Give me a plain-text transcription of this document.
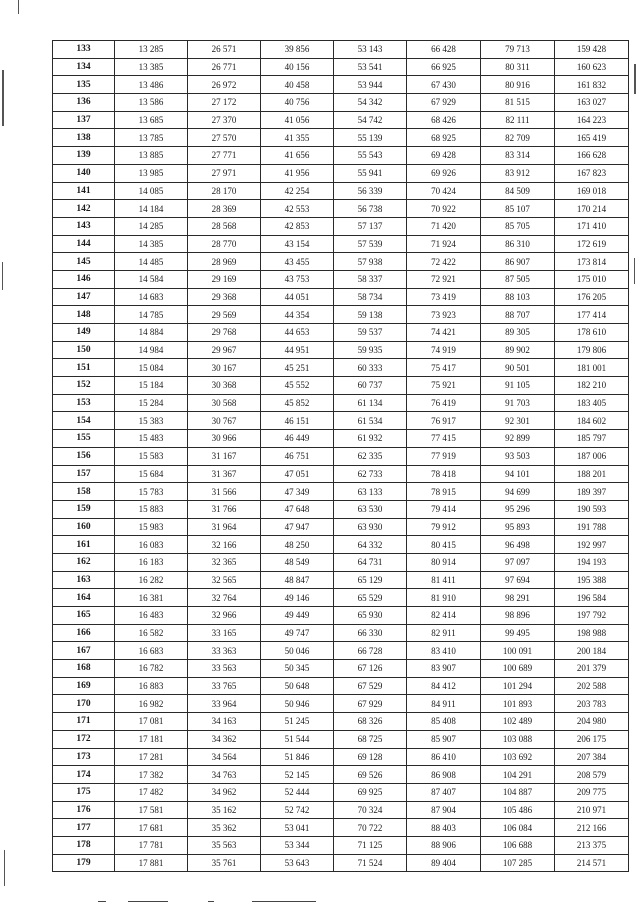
133	13 285	26 571	39 856	53 143	66 428	79 713	159 428
134	13 385	26 771	40 156	53 541	66 925	80 311	160 623
135	13 486	26 972	40 458	53 944	67 430	80 916	161 832
136	13 586	27 172	40 756	54 342	67 929	81 515	163 027
137	13 685	27 370	41 056	54 742	68 426	82 111	164 223
138	13 785	27 570	41 355	55 139	68 925	82 709	165 419
139	13 885	27 771	41 656	55 543	69 428	83 314	166 628
140	13 985	27 971	41 956	55 941	69 926	83 912	167 823
141	14 085	28 170	42 254	56 339	70 424	84 509	169 018
142	14 184	28 369	42 553	56 738	70 922	85 107	170 214
143	14 285	28 568	42 853	57 137	71 420	85 705	171 410
144	14 385	28 770	43 154	57 539	71 924	86 310	172 619
145	14 485	28 969	43 455	57 938	72 422	86 907	173 814
146	14 584	29 169	43 753	58 337	72 921	87 505	175 010
147	14 683	29 368	44 051	58 734	73 419	88 103	176 205
148	14 785	29 569	44 354	59 138	73 923	88 707	177 414
149	14 884	29 768	44 653	59 537	74 421	89 305	178 610
150	14 984	29 967	44 951	59 935	74 919	89 902	179 806
151	15 084	30 167	45 251	60 333	75 417	90 501	181 001
152	15 184	30 368	45 552	60 737	75 921	91 105	182 210
153	15 284	30 568	45 852	61 134	76 419	91 703	183 405
154	15 383	30 767	46 151	61 534	76 917	92 301	184 602
155	15 483	30 966	46 449	61 932	77 415	92 899	185 797
156	15 583	31 167	46 751	62 335	77 919	93 503	187 006
157	15 684	31 367	47 051	62 733	78 418	94 101	188 201
158	15 783	31 566	47 349	63 133	78 915	94 699	189 397
159	15 883	31 766	47 648	63 530	79 414	95 296	190 593
160	15 983	31 964	47 947	63 930	79 912	95 893	191 788
161	16 083	32 166	48 250	64 332	80 415	96 498	192 997
162	16 183	32 365	48 549	64 731	80 914	97 097	194 193
163	16 282	32 565	48 847	65 129	81 411	97 694	195 388
164	16 381	32 764	49 146	65 529	81 910	98 291	196 584
165	16 483	32 966	49 449	65 930	82 414	98 896	197 792
166	16 582	33 165	49 747	66 330	82 911	99 495	198 988
167	16 683	33 363	50 046	66 728	83 410	100 091	200 184
168	16 782	33 563	50 345	67 126	83 907	100 689	201 379
169	16 883	33 765	50 648	67 529	84 412	101 294	202 588
170	16 982	33 964	50 946	67 929	84 911	101 893	203 783
171	17 081	34 163	51 245	68 326	85 408	102 489	204 980
172	17 181	34 362	51 544	68 725	85 907	103 088	206 175
173	17 281	34 564	51 846	69 128	86 410	103 692	207 384
174	17 382	34 763	52 145	69 526	86 908	104 291	208 579
175	17 482	34 962	52 444	69 925	87 407	104 887	209 775
176	17 581	35 162	52 742	70 324	87 904	105 486	210 971
177	17 681	35 362	53 041	70 722	88 403	106 084	212 166
178	17 781	35 563	53 344	71 125	88 906	106 688	213 375
179	17 881	35 761	53 643	71 524	89 404	107 285	214 571
